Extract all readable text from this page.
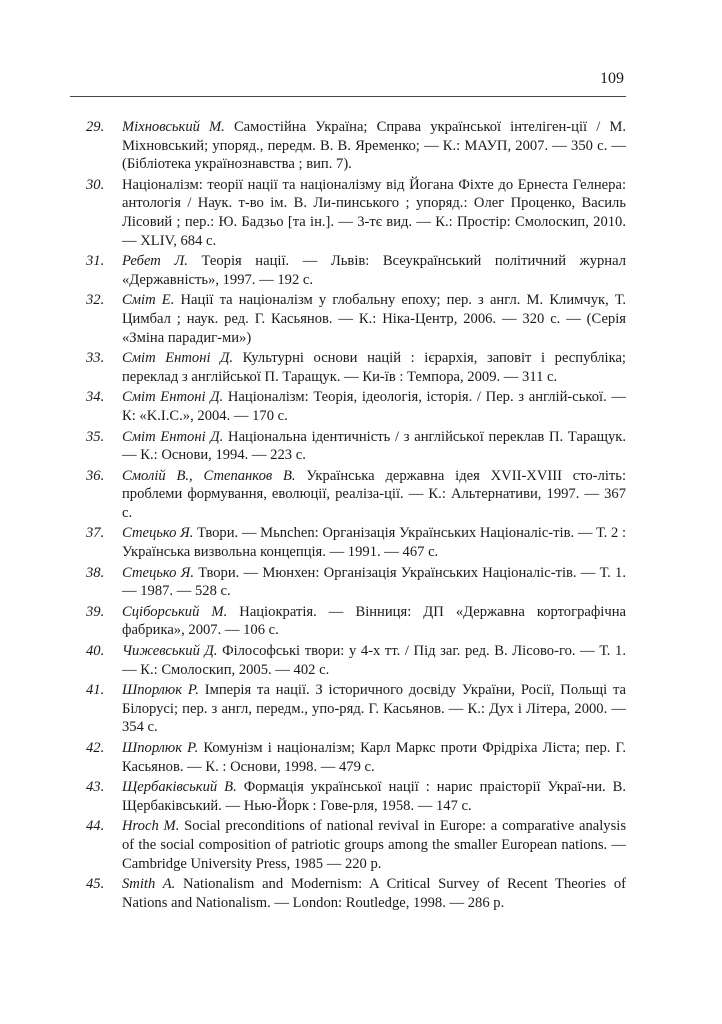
109
29. Міхновський М. Самостійна Україна; Справа української інтеліген-ції / М. Міхновський; упоряд., передм. В. В. Яременко; — К.: МАУП, 2007. — 350 с. — (Бібліотека українознавства ; вип. 7).
30. Націоналізм: теорії нації та націоналізму від Йогана Фіхте до Ернеста Гелнера: антологія / Наук. т-во ім. В. Ли-пинського ; упоряд.: Олег Проценко, Василь Лісовий ; пер.: Ю. Бадзьо [та ін.]. — 3-тє вид. — К.: Простір: Смолоскип, 2010. — XLIV, 684 с.
31. Ребет Л. Теорія нації. — Львів: Всеукраїнський політичний журнал «Державність», 1997. — 192 с.
32. Сміт Е. Нації та націоналізм у глобальну епоху; пер. з англ. М. Климчук, Т. Цимбал ; наук. ред. Г. Касьянов. — К.: Ніка-Центр, 2006. — 320 с. — (Серія «Зміна парадиг-ми»)
33. Сміт Ентоні Д. Культурні основи націй : ієрархія, заповіт і республіка; переклад з англійської П. Таращук. — Ки-їв : Темпора, 2009. — 311 с.
34. Сміт Ентоні Д. Націоналізм: Теорія, ідеологія, історія. / Пер. з англій-ської. — К: «K.I.C.», 2004. — 170 с.
35. Сміт Ентоні Д. Національна ідентичність / з англійської переклав П. Таращук. — К.: Основи, 1994. — 223 с.
36. Смолій В., Степанков В. Українська державна ідея XVII-XVIII сто-літь: проблеми формування, еволюції, реаліза-ції. — К.: Альтернативи, 1997. — 367 с.
37. Стецько Я. Твори. — Mьnchen: Організація Українських Націоналіс-тів. — Т. 2 : Українська визвольна концепція. — 1991. — 467 с.
38. Стецько Я. Твори. — Мюнхен: Організація Українських Націоналіс-тів. — Т. 1.— 1987. — 528 с.
39. Сціборський М. Націократія. — Вінниця: ДП «Державна кортографічна фабрика», 2007. — 106 с.
40. Чижевський Д. Філософські твори: у 4-х тт. / Під заг. ред. В. Лісово-го. — Т. 1. — К.: Смолоскип, 2005. — 402 с.
41. Шпорлюк Р. Імперія та нації. З історичного досвіду України, Росії, Польщі та Білорусі; пер. з англ, передм., упо-ряд. Г. Касьянов. — К.: Дух і Літера, 2000. — 354 с.
42. Шпорлюк Р. Комунізм і націоналізм; Карл Маркс проти Фрідріха Ліста; пер. Г. Касьянов. — К. : Основи, 1998. — 479 с.
43. Щербаківський В. Формація української нації : нарис праісторії Украї-ни. В. Щербаківський. — Нью-Йорк : Гове-рля, 1958. — 147 с.
44. Hroch M. Social preconditions of national revival in Europe: a comparative analysis of the social composition of patriotic groups among the smaller European nations. — Cambridge University Press, 1985 — 220 p.
45. Smith A. Nationalism and Modernism: A Critical Survey of Recent Theories of Nations and Nationalism. — London: Routledge, 1998. — 286 p.
